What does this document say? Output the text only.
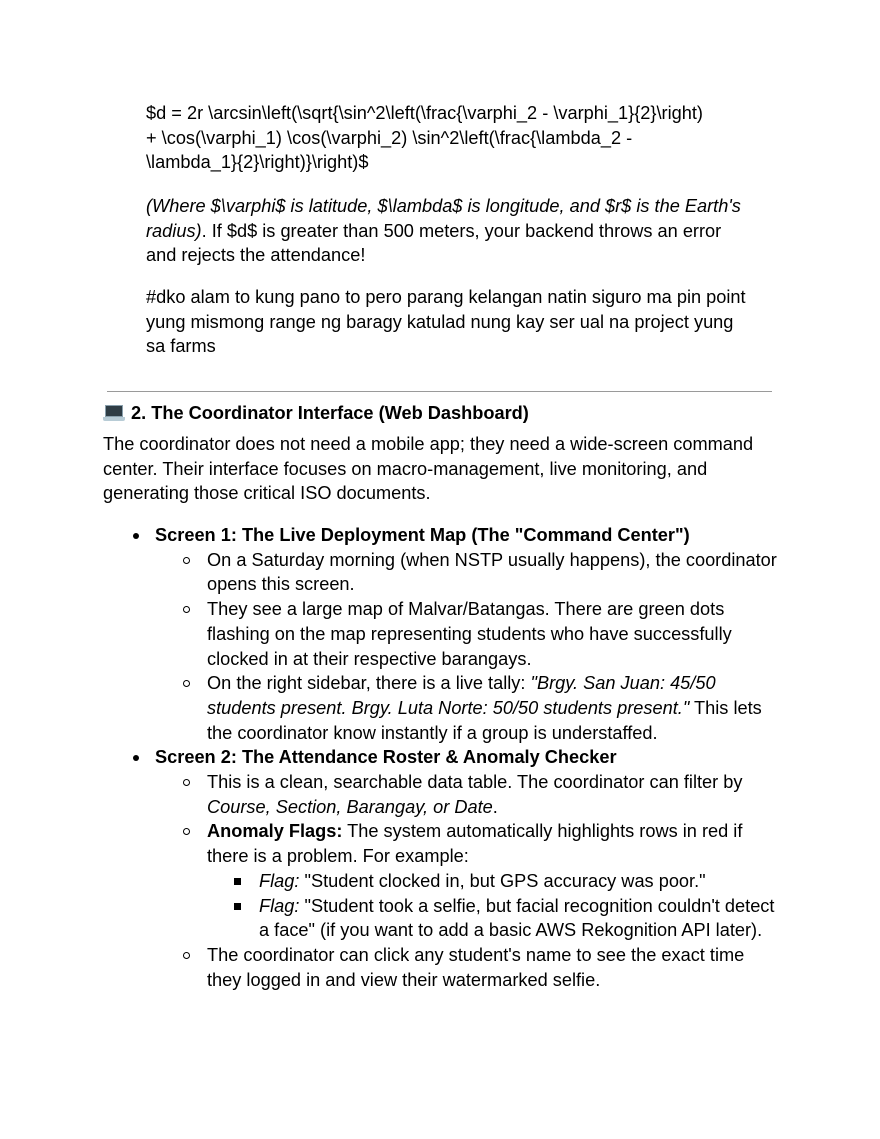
$d = 2r \arcsin\left(\sqrt{\sin^2\left(\frac{\varphi_2 - \varphi_1}{2}\right)
+ \cos(\varphi_1) \cos(\varphi_2) \sin^2\left(\frac{\lambda_2 -
\lambda_1}{2}\right)}\right)$
(Where $\varphi$ is latitude, $\lambda$ is longitude, and $r$ is the Earth's radius). If $d$ is greater than 500 meters, your backend throws an error and rejects the attendance!
#dko alam to kung pano to pero parang kelangan natin siguro ma pin point yung mismong range ng baragy katulad nung kay ser ual na project yung sa farms
2. The Coordinator Interface (Web Dashboard)
The coordinator does not need a mobile app; they need a wide-screen command center. Their interface focuses on macro-management, live monitoring, and generating those critical ISO documents.
Screen 1: The Live Deployment Map (The "Command Center")
On a Saturday morning (when NSTP usually happens), the coordinator opens this screen.
They see a large map of Malvar/Batangas. There are green dots flashing on the map representing students who have successfully clocked in at their respective barangays.
On the right sidebar, there is a live tally: "Brgy. San Juan: 45/50 students present. Brgy. Luta Norte: 50/50 students present." This lets the coordinator know instantly if a group is understaffed.
Screen 2: The Attendance Roster & Anomaly Checker
This is a clean, searchable data table. The coordinator can filter by Course, Section, Barangay, or Date.
Anomaly Flags: The system automatically highlights rows in red if there is a problem. For example:
Flag: "Student clocked in, but GPS accuracy was poor."
Flag: "Student took a selfie, but facial recognition couldn't detect a face" (if you want to add a basic AWS Rekognition API later).
The coordinator can click any student's name to see the exact time they logged in and view their watermarked selfie.
